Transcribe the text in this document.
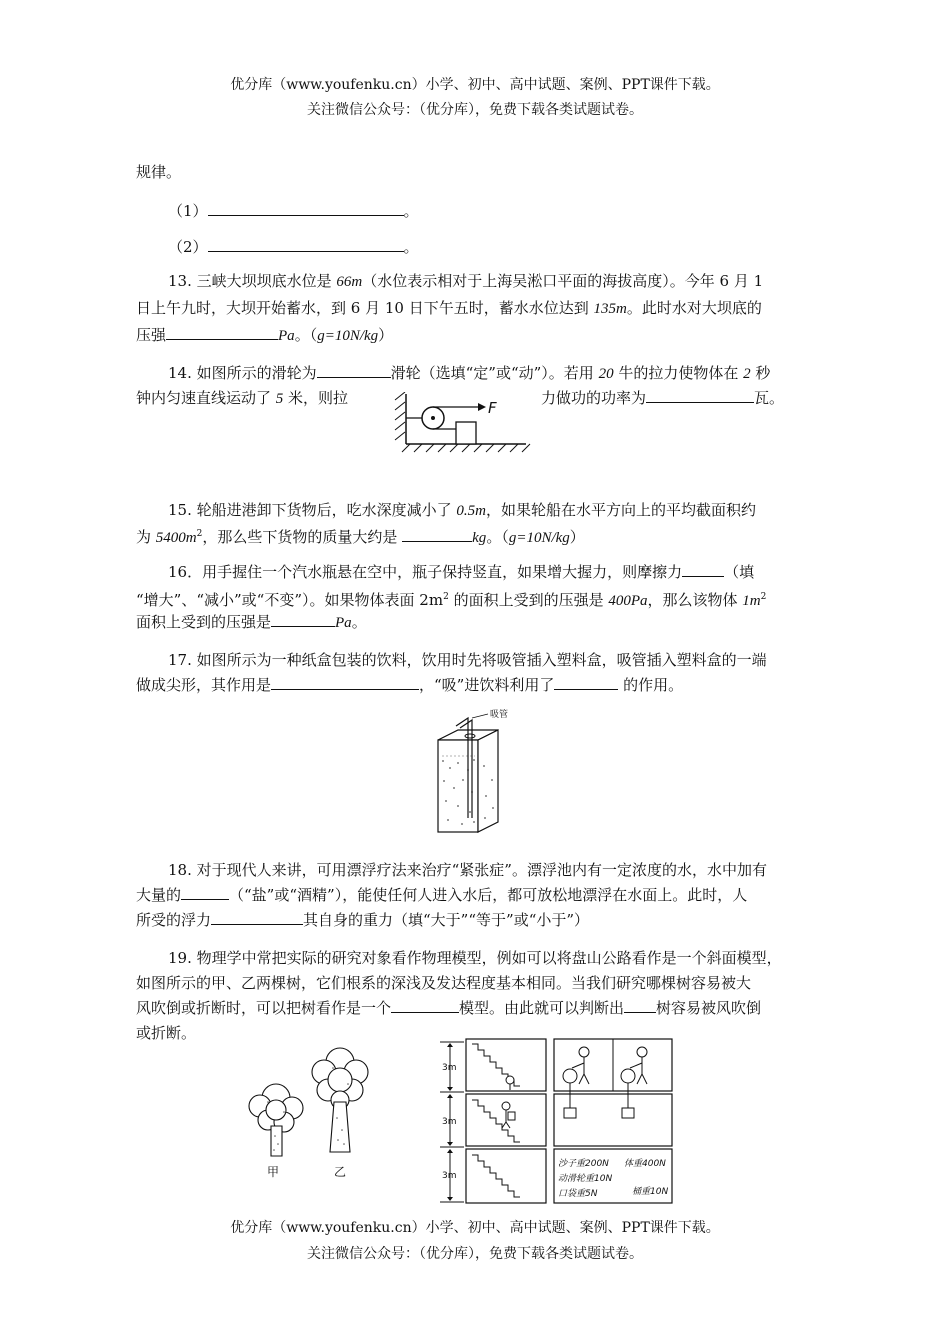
优分库（www.youfenku.cn）小学、初中、高中试题、案例、PPT课件下载。
关注微信公众号：（优分库），免费下载各类试题试卷。
规律。
（1）	。
（2）	。
13. 三峡大坝坝底水位是 66m（水位表示相对于上海吴淞口平面的海拔高度）。今年 6 月 1
日上午九时，大坝开始蓄水，到 6 月 10 日下午五时，蓄水水位达到 135m。此时水对大坝底的
压强	Pa。（g=10N/kg）
14. 如图所示的滑轮为	滑轮（选填“定”或“动”）。若用 20 牛的拉力使物体在 2 秒
钟内匀速直线运动了 5 米，则拉	力做功的功率为	瓦。
F
15. 轮船进港卸下货物后，吃水深度减小了 0.5m，如果轮船在水平方向上的平均截面积约
为 $5400m^2$，那么些下货物的质量大约是	kg。（g=10N/kg）
16．用手握住一个汽水瓶悬在空中，瓶子保持竖直，如果增大握力，则摩擦力	（填
“增大”、“减小”或“不变”）。如果物体表面 $2m^2$ 的面积上受到的压强是 400Pa，那么该物体 $1m^2$
面积上受到的压强是	Pa。
17. 如图所示为一种纸盒包装的饮料，饮用时先将吸管插入塑料盒，吸管插入塑料盒的一端
做成尖形，其作用是	，“吸”进饮料利用了	的作用。
吸管
18. 对于现代人来讲，可用漂浮疗法来治疗“紧张症”。漂浮池内有一定浓度的水，水中加有
大量的	（“盐”或“酒精”），能使任何人进入水后，都可放松地漂浮在水面上。此时，人
所受的浮力	其自身的重力（填“大于”“等于”或“小于”）
19. 物理学中常把实际的研究对象看作物理模型，例如可以将盘山公路看作是一个斜面模型，
如图所示的甲、乙两棵树，它们根系的深浅及发达程度基本相同。当我们研究哪棵树容易被大
风吹倒或折断时，可以把树看作是一个	模型。由此就可以判断出 树容易被风吹倒
或折断。
甲	乙
3m
3m
3m
沙子重200N 体重400N
动滑轮重10N
口袋重5N	桶重10N
优分库（www.youfenku.cn）小学、初中、高中试题、案例、PPT课件下载。
关注微信公众号：（优分库），免费下载各类试题试卷。
